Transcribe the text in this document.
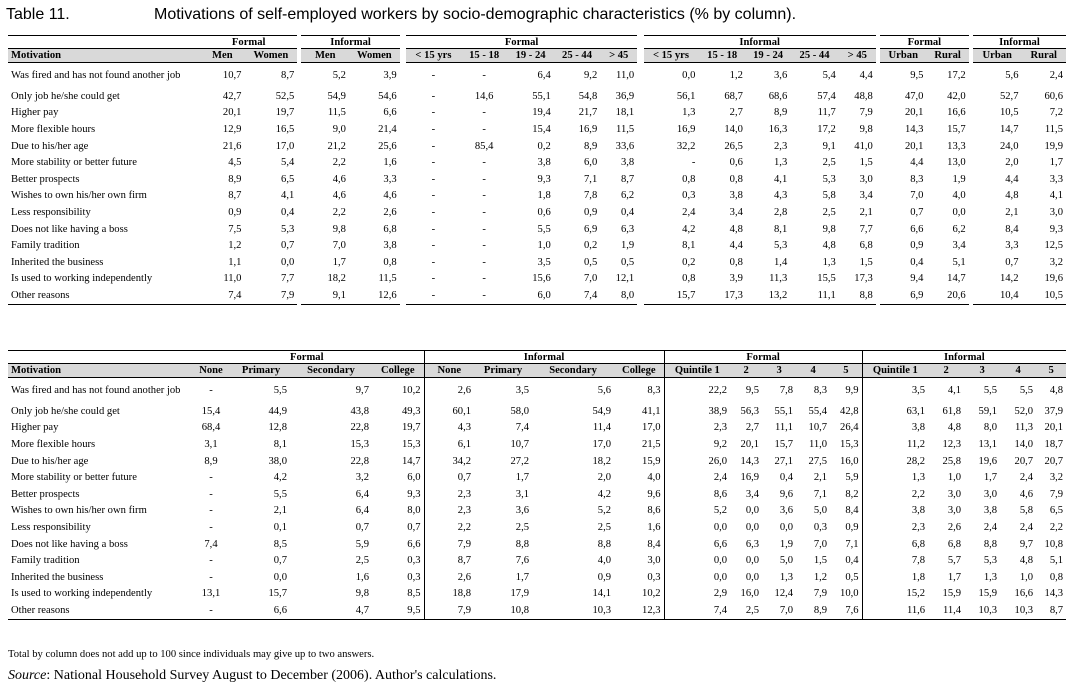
Table 11.	Motivations of self-employed workers by socio-demographic characteristics (% by column).
	Formal			Informal			Formal						Informal						Formal			Informal	
Motivation	Men	Women		Men	Women		< 15 yrs	15 - 18	19 - 24	25 - 44	> 45		< 15 yrs	15 - 18	19 - 24	25 - 44	> 45		Urban	Rural		Urban	Rural
Was fired and has not found another job	10,7	8,7		5,2	3,9		-	-	6,4	9,2	11,0		0,0	1,2	3,6	5,4	4,4		9,5	17,2		5,6	2,4
Only job he/she could get	42,7	52,5		54,9	54,6		-	14,6	55,1	54,8	36,9		56,1	68,7	68,6	57,4	48,8		47,0	42,0		52,7	60,6
Higher pay	20,1	19,7		11,5	6,6		-	-	19,4	21,7	18,1		1,3	2,7	8,9	11,7	7,9		20,1	16,6		10,5	7,2
More flexible hours	12,9	16,5		9,0	21,4		-	-	15,4	16,9	11,5		16,9	14,0	16,3	17,2	9,8		14,3	15,7		14,7	11,5
Due to his/her age	21,6	17,0		21,2	25,6		-	85,4	0,2	8,9	33,6		32,2	26,5	2,3	9,1	41,0		20,1	13,3		24,0	19,9
More stability or better future	4,5	5,4		2,2	1,6		-	-	3,8	6,0	3,8		-	0,6	1,3	2,5	1,5		4,4	13,0		2,0	1,7
Better prospects	8,9	6,5		4,6	3,3		-	-	9,3	7,1	8,7		0,8	0,8	4,1	5,3	3,0		8,3	1,9		4,4	3,3
Wishes to own his/her own firm	8,7	4,1		4,6	4,6		-	-	1,8	7,8	6,2		0,3	3,8	4,3	5,8	3,4		7,0	4,0		4,8	4,1
Less responsibility	0,9	0,4		2,2	2,6		-	-	0,6	0,9	0,4		2,4	3,4	2,8	2,5	2,1		0,7	0,0		2,1	3,0
Does not like having a boss	7,5	5,3		9,8	6,8		-	-	5,5	6,9	6,3		4,2	4,8	8,1	9,8	7,7		6,6	6,2		8,4	9,3
Family tradition	1,2	0,7		7,0	3,8		-	-	1,0	0,2	1,9		8,1	4,4	5,3	4,8	6,8		0,9	3,4		3,3	12,5
Inherited the business	1,1	0,0		1,7	0,8		-	-	3,5	0,5	0,5		0,2	0,8	1,4	1,3	1,5		0,4	5,1		0,7	3,2
Is used to working independently	11,0	7,7		18,2	11,5		-	-	15,6	7,0	12,1		0,8	3,9	11,3	15,5	17,3		9,4	14,7		14,2	19,6
Other reasons	7,4	7,9		9,1	12,6		-	-	6,0	7,4	8,0		15,7	17,3	13,2	11,1	8,8		6,9	20,6		10,4	10,5
	Formal				Informal				Formal					Informal				
Motivation	None	Primary	Secondary	College	None	Primary	Secondary	College	Quintile 1	2	3	4	5	Quintile 1	2	3	4	5
Was fired and has not found another job	-	5,5	9,7	10,2	2,6	3,5	5,6	8,3	22,2	9,5	7,8	8,3	9,9	3,5	4,1	5,5	5,5	4,8
Only job he/she could get	15,4	44,9	43,8	49,3	60,1	58,0	54,9	41,1	38,9	56,3	55,1	55,4	42,8	63,1	61,8	59,1	52,0	37,9
Higher pay	68,4	12,8	22,8	19,7	4,3	7,4	11,4	17,0	2,3	2,7	11,1	10,7	26,4	3,8	4,8	8,0	11,3	20,1
More flexible hours	3,1	8,1	15,3	15,3	6,1	10,7	17,0	21,5	9,2	20,1	15,7	11,0	15,3	11,2	12,3	13,1	14,0	18,7
Due to his/her age	8,9	38,0	22,8	14,7	34,2	27,2	18,2	15,9	26,0	14,3	27,1	27,5	16,0	28,2	25,8	19,6	20,7	20,7
More stability or better future	-	4,2	3,2	6,0	0,7	1,7	2,0	4,0	2,4	16,9	0,4	2,1	5,9	1,3	1,0	1,7	2,4	3,2
Better prospects	-	5,5	6,4	9,3	2,3	3,1	4,2	9,6	8,6	3,4	9,6	7,1	8,2	2,2	3,0	3,0	4,6	7,9
Wishes to own his/her own firm	-	2,1	6,4	8,0	2,3	3,6	5,2	8,6	5,2	0,0	3,6	5,0	8,4	3,8	3,0	3,8	5,8	6,5
Less responsibility	-	0,1	0,7	0,7	2,2	2,5	2,5	1,6	0,0	0,0	0,0	0,3	0,9	2,3	2,6	2,4	2,4	2,2
Does not like having a boss	7,4	8,5	5,9	6,6	7,9	8,8	8,8	8,4	6,6	6,3	1,9	7,0	7,1	6,8	6,8	8,8	9,7	10,8
Family tradition	-	0,7	2,5	0,3	8,7	7,6	4,0	3,0	0,0	0,0	5,0	1,5	0,4	7,8	5,7	5,3	4,8	5,1
Inherited the business	-	0,0	1,6	0,3	2,6	1,7	0,9	0,3	0,0	0,0	1,3	1,2	0,5	1,8	1,7	1,3	1,0	0,8
Is used to working independently	13,1	15,7	9,8	8,5	18,8	17,9	14,1	10,2	2,9	16,0	12,4	7,9	10,0	15,2	15,9	15,9	16,6	14,3
Other reasons	-	6,6	4,7	9,5	7,9	10,8	10,3	12,3	7,4	2,5	7,0	8,9	7,6	11,6	11,4	10,3	10,3	8,7
Total by column does not add up to 100 since individuals may give up to two answers.
Source: National Household Survey August to December (2006). Author's calculations.
